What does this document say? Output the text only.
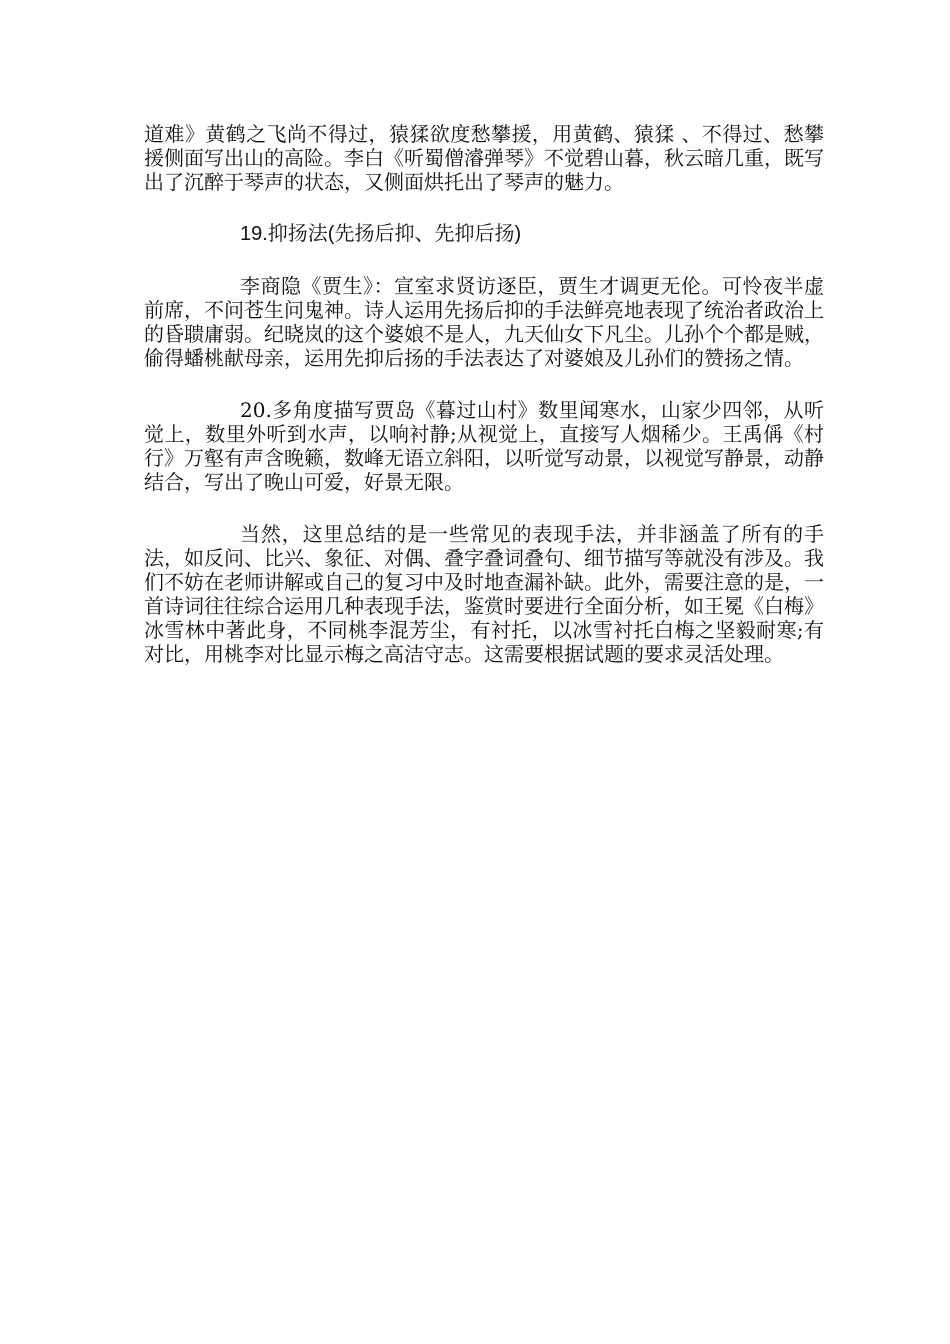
道难》黄鹤之飞尚不得过，猿猱欲度愁攀援，用黄鹤、猿猱 、不得过、愁攀援侧面写出山的高险。李白《听蜀僧濬弹琴》不觉碧山暮，秋云暗几重，既写出了沉醉于琴声的状态，又侧面烘托出了琴声的魅力。

19.抑扬法(先扬后抑、先抑后扬)

李商隐《贾生》：宣室求贤访逐臣，贾生才调更无伦。可怜夜半虚前席，不问苍生问鬼神。诗人运用先扬后抑的手法鲜亮地表现了统治者政治上的昏聩庸弱。纪晓岚的这个婆娘不是人，九天仙女下凡尘。儿孙个个都是贼，偷得蟠桃献母亲，运用先抑后扬的手法表达了对婆娘及儿孙们的赞扬之情。

20.多角度描写贾岛《暮过山村》数里闻寒水，山家少四邻，从听觉上，数里外听到水声，以响衬静;从视觉上，直接写人烟稀少。王禹偁《村行》万壑有声含晚籁，数峰无语立斜阳，以听觉写动景，以视觉写静景，动静结合，写出了晚山可爱，好景无限。

当然，这里总结的是一些常见的表现手法，并非涵盖了所有的手法，如反问、比兴、象征、对偶、叠字叠词叠句、细节描写等就没有涉及。我们不妨在老师讲解或自己的复习中及时地查漏补缺。此外，需要注意的是，一首诗词往往综合运用几种表现手法，鉴赏时要进行全面分析，如王冕《白梅》冰雪林中著此身，不同桃李混芳尘，有衬托，以冰雪衬托白梅之坚毅耐寒;有对比，用桃李对比显示梅之高洁守志。这需要根据试题的要求灵活处理。
